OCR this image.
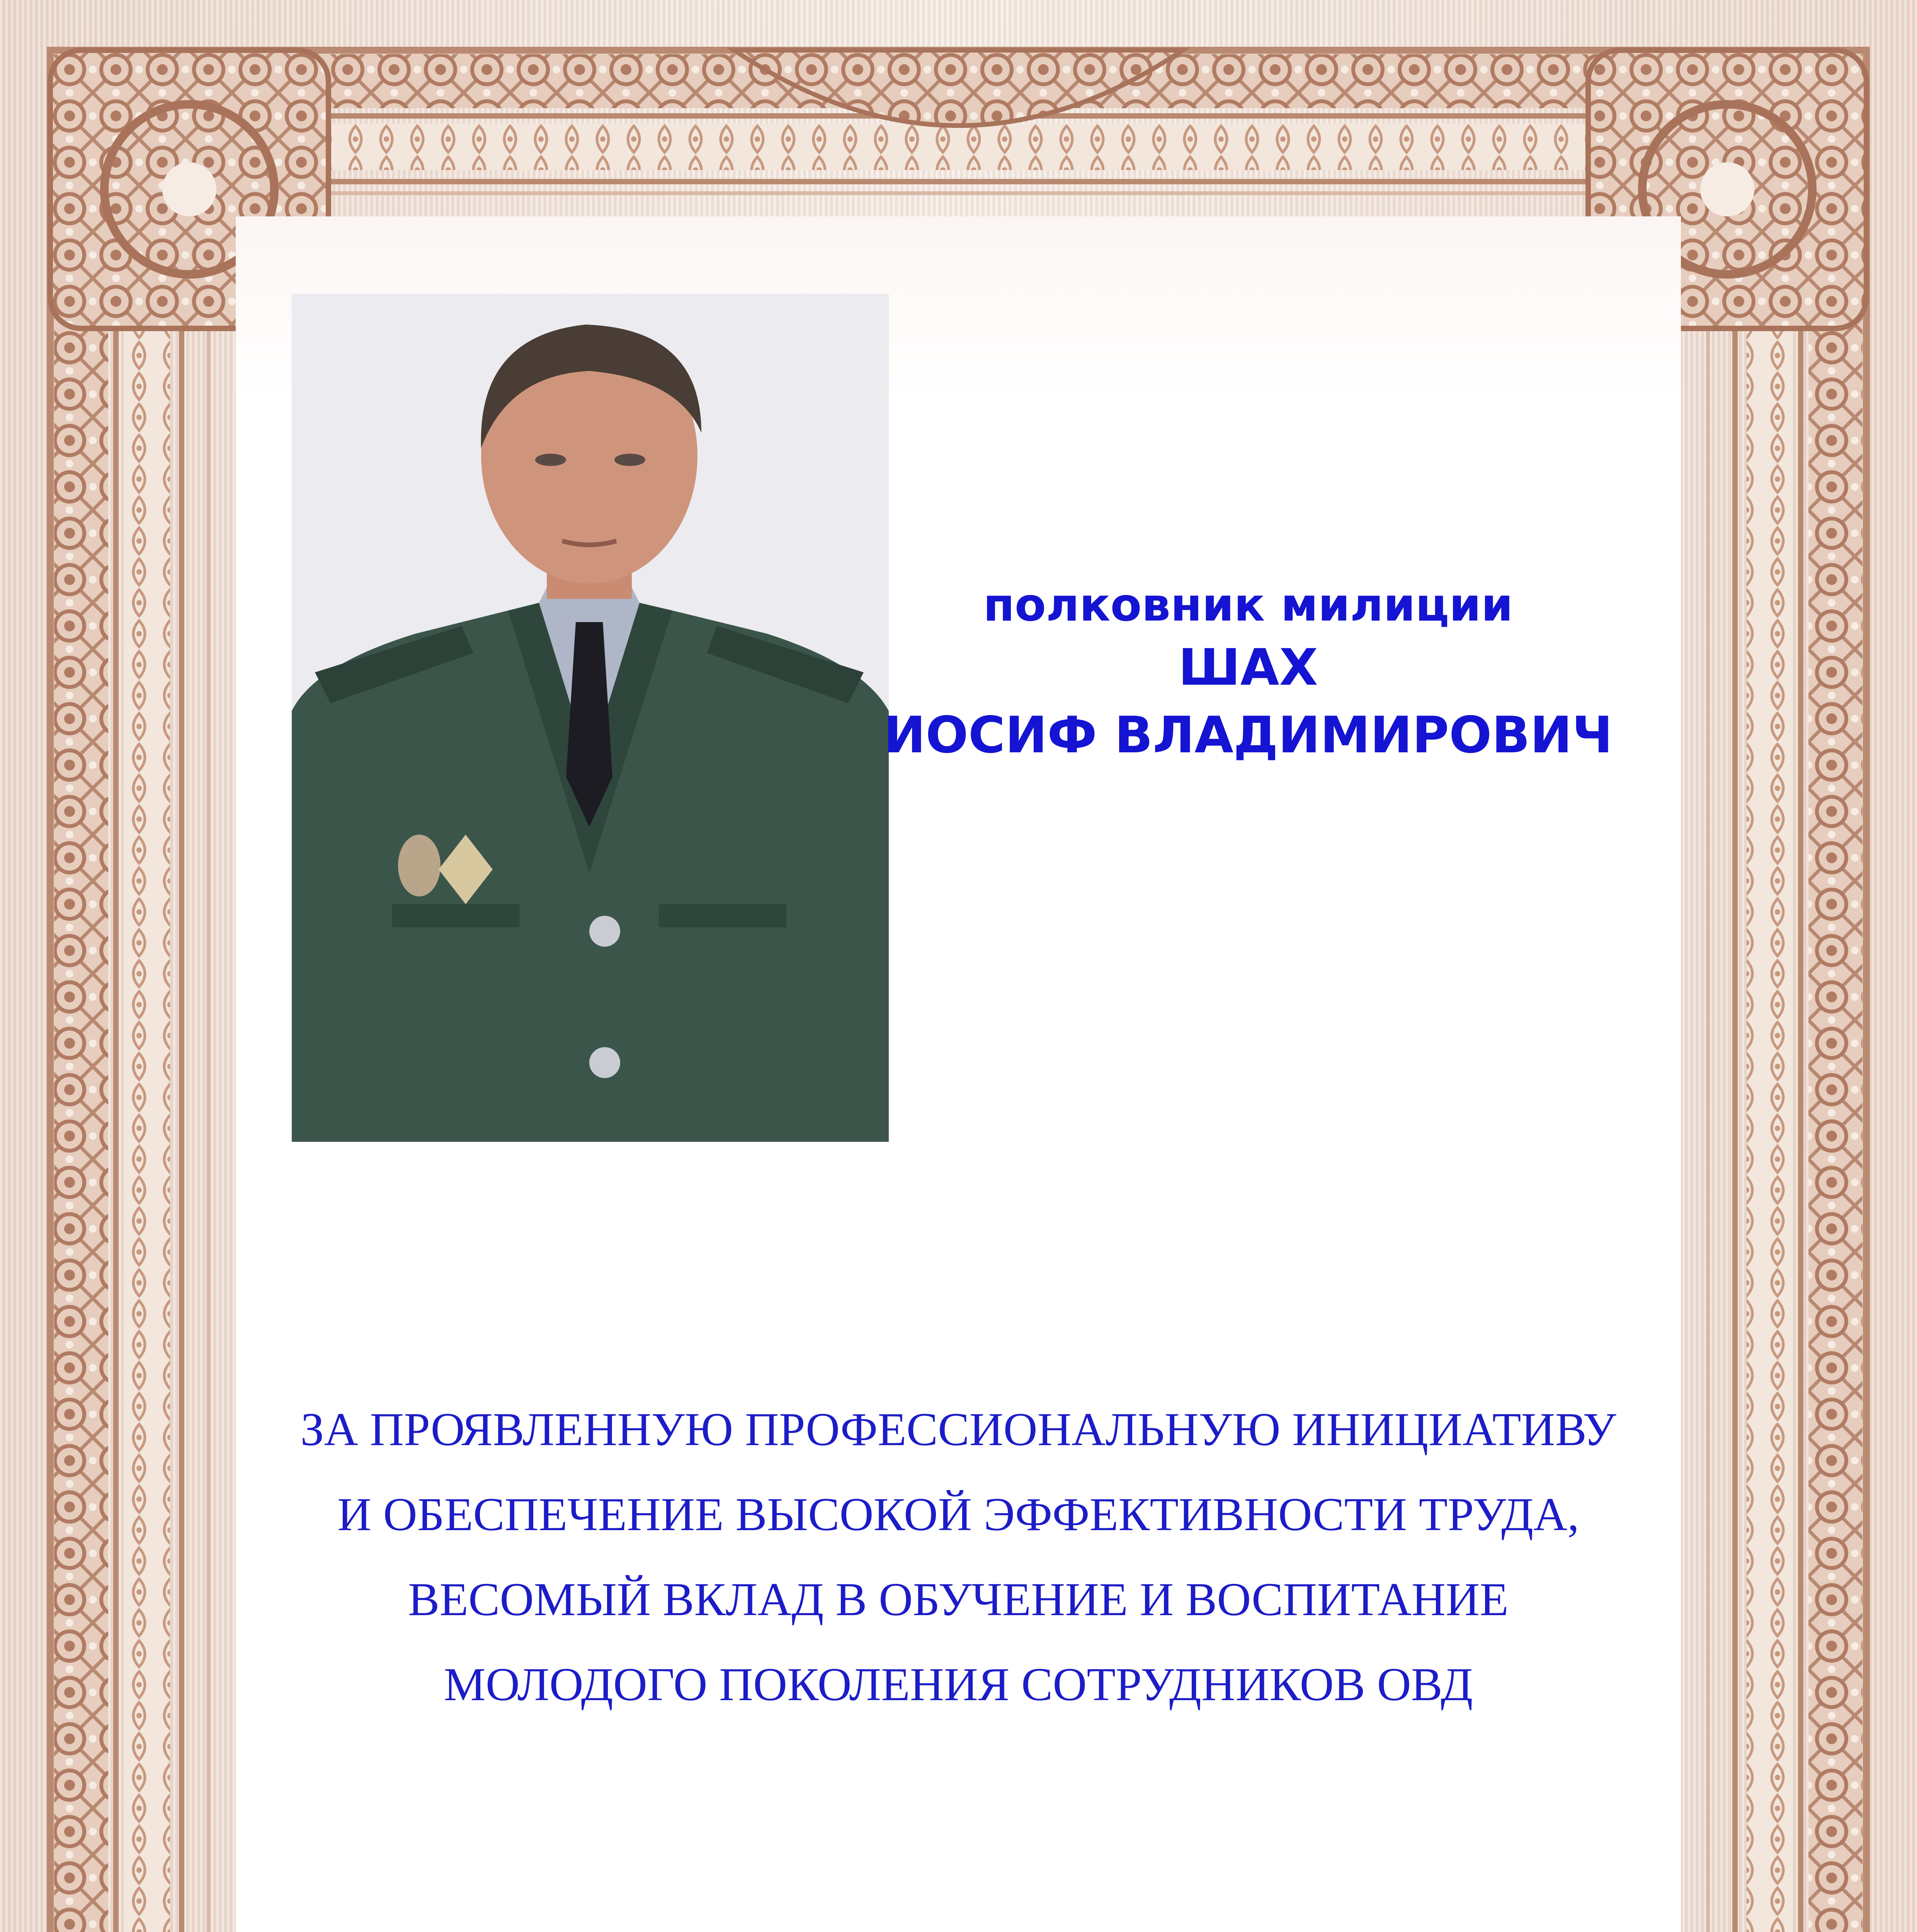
полковник милиции
ШАХ
ИОСИФ ВЛАДИМИРОВИЧ
ЗА ПРОЯВЛЕННУЮ ПРОФЕССИОНАЛЬНУЮ ИНИЦИАТИВУ
И ОБЕСПЕЧЕНИЕ ВЫСОКОЙ ЭФФЕКТИВНОСТИ ТРУДА,
ВЕСОМЫЙ ВКЛАД В ОБУЧЕНИЕ И ВОСПИТАНИЕ
МОЛОДОГО ПОКОЛЕНИЯ СОТРУДНИКОВ ОВД
